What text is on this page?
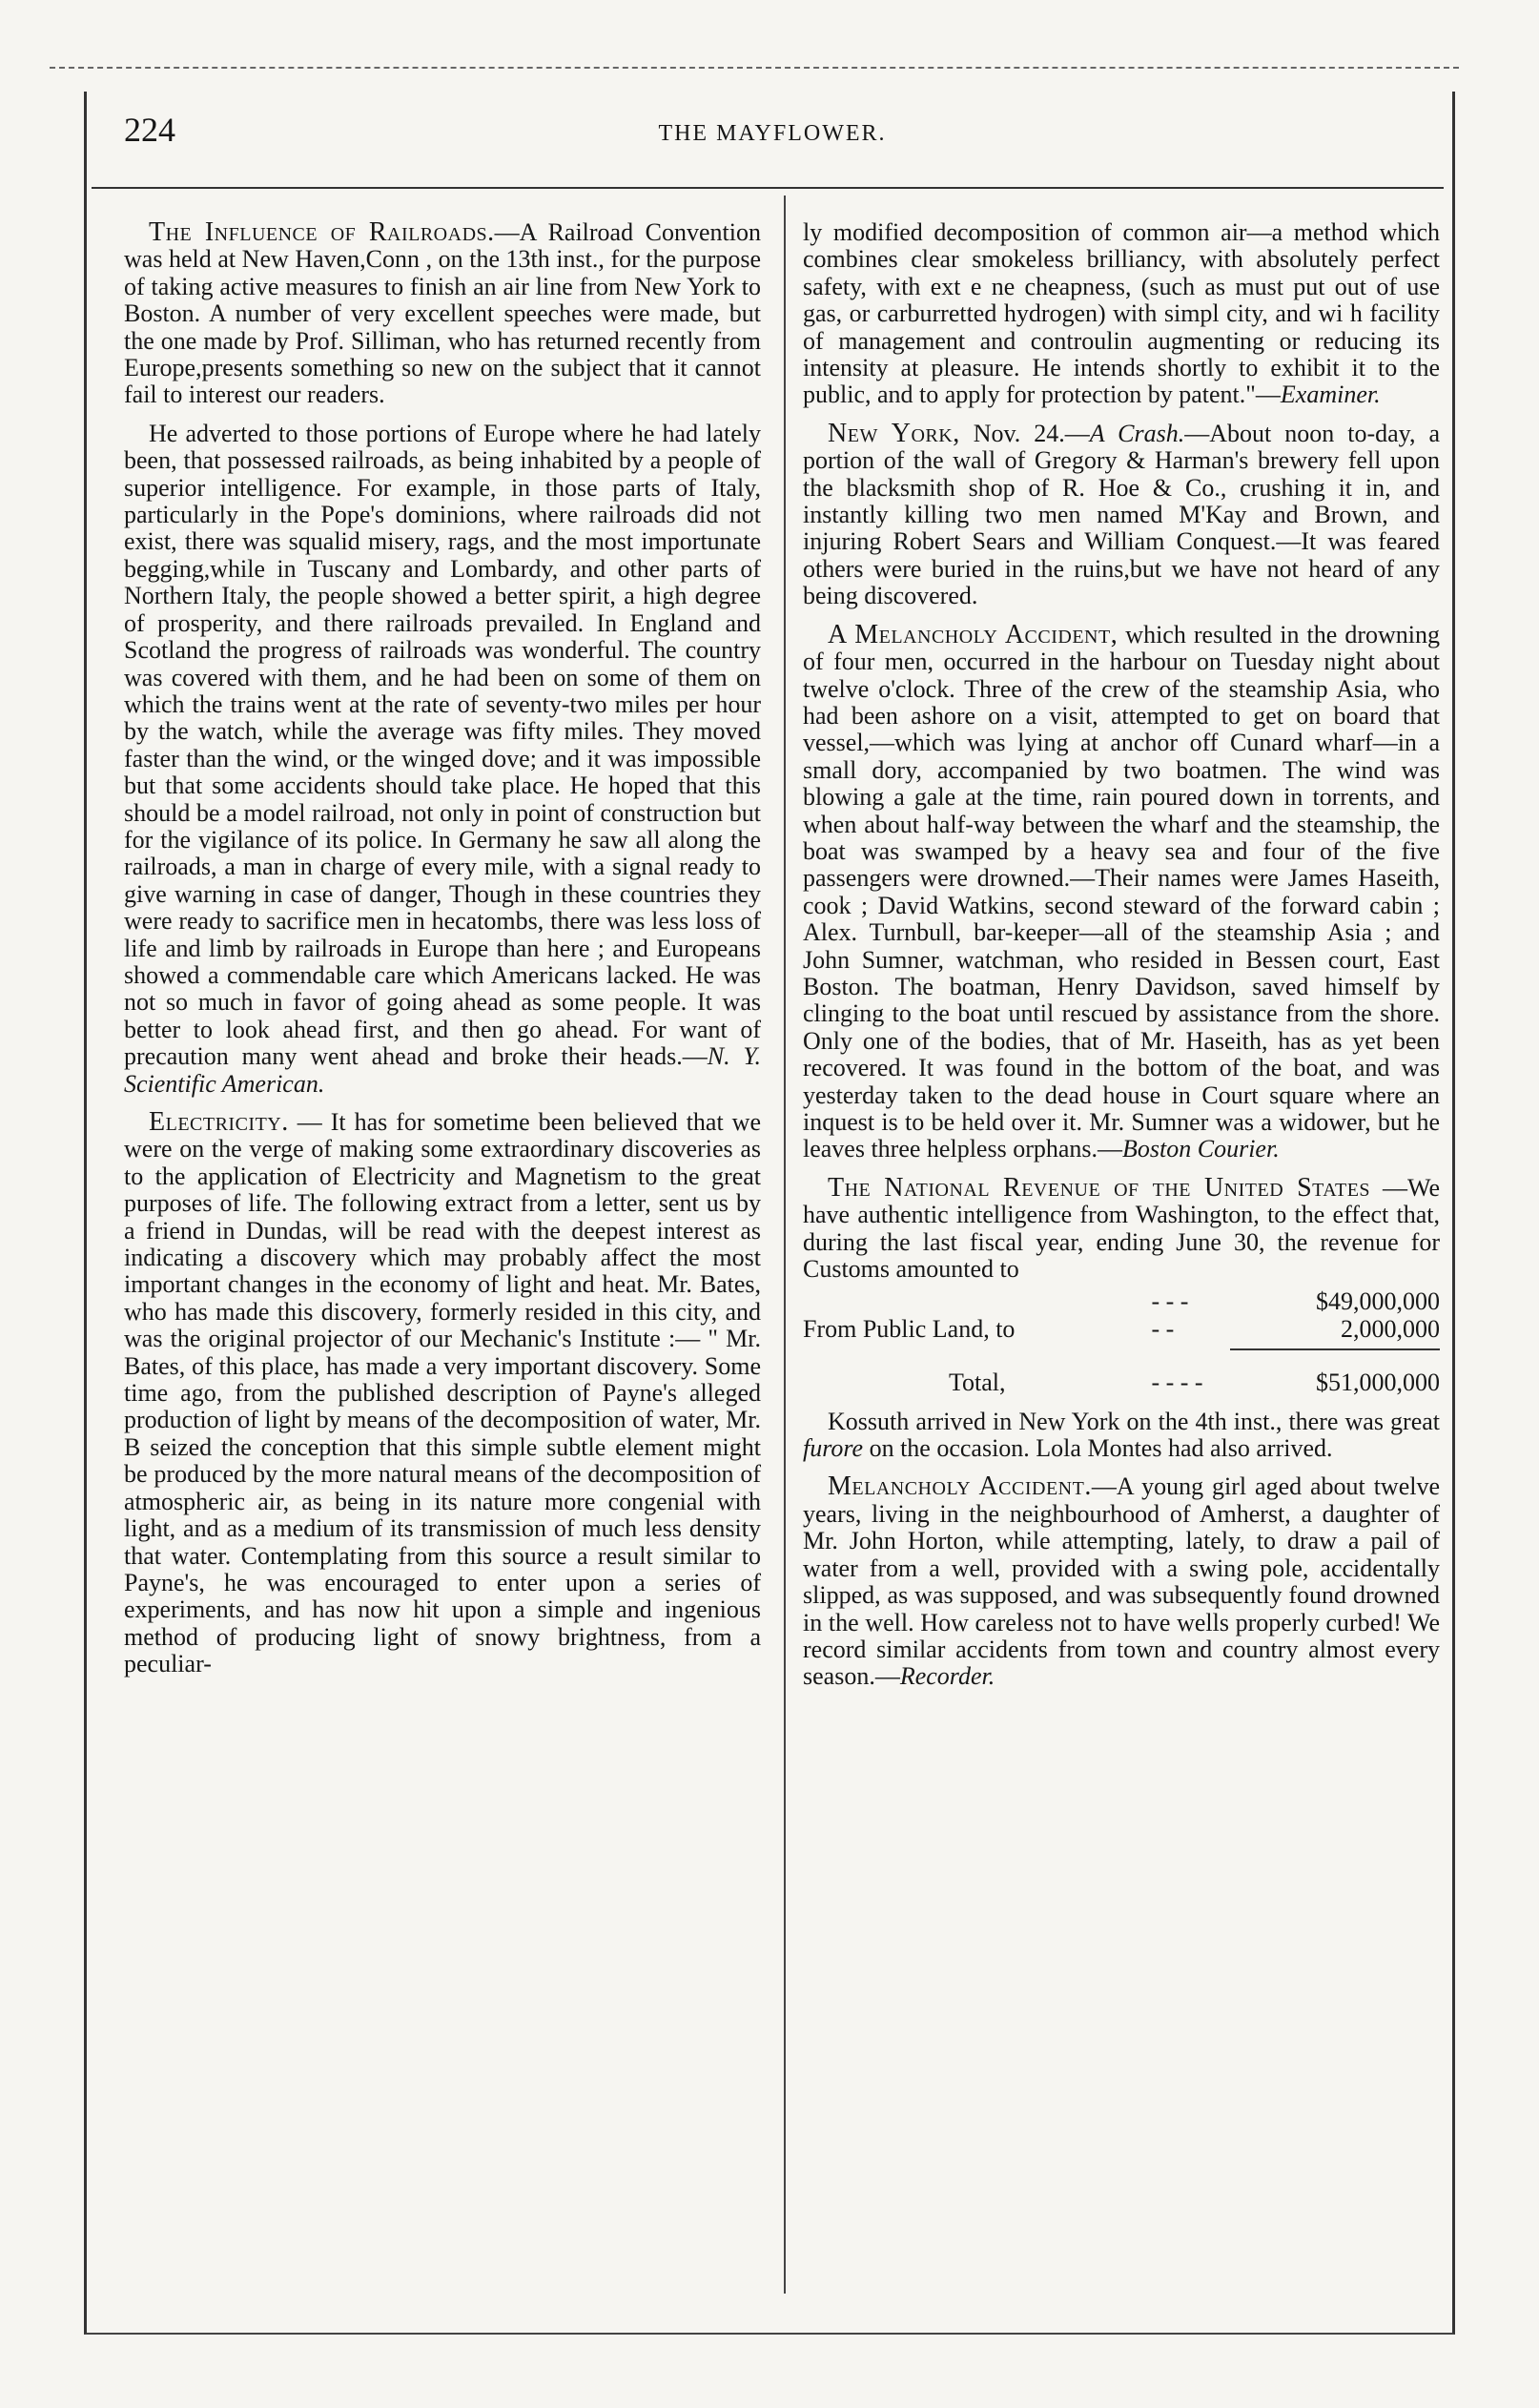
224	THE MAYFLOWER.
The Influence of Railroads.—A Railroad Convention was held at New Haven,Conn , on the 13th inst., for the purpose of taking active measures to finish an air line from New York to Boston. A number of very excellent speeches were made, but the one made by Prof. Silliman, who has returned recently from Europe,presents something so new on the subject that it cannot fail to interest our readers.
He adverted to those portions of Europe where he had lately been, that possessed railroads, as being inhabited by a people of superior intelligence. For example, in those parts of Italy, particularly in the Pope's dominions, where railroads did not exist, there was squalid misery, rags, and the most importunate begging,while in Tuscany and Lombardy, and other parts of Northern Italy, the people showed a better spirit, a high degree of prosperity, and there railroads prevailed. In England and Scotland the progress of railroads was wonderful. The country was covered with them, and he had been on some of them on which the trains went at the rate of seventy-two miles per hour by the watch, while the average was fifty miles. They moved faster than the wind, or the winged dove; and it was impossible but that some accidents should take place. He hoped that this should be a model railroad, not only in point of construction but for the vigilance of its police. In Germany he saw all along the railroads, a man in charge of every mile, with a signal ready to give warning in case of danger, Though in these countries they were ready to sacrifice men in hecatombs, there was less loss of life and limb by railroads in Europe than here ; and Europeans showed a commendable care which Americans lacked. He was not so much in favor of going ahead as some people. It was better to look ahead first, and then go ahead. For want of precaution many went ahead and broke their heads.—N. Y. Scientific American.
Electricity. — It has for sometime been believed that we were on the verge of making some extraordinary discoveries as to the application of Electricity and Magnetism to the great purposes of life. The following extract from a letter, sent us by a friend in Dundas, will be read with the deepest interest as indicating a discovery which may probably affect the most important changes in the economy of light and heat. Mr. Bates, who has made this discovery, formerly resided in this city, and was the original projector of our Mechanic's Institute :— " Mr. Bates, of this place, has made a very important discovery. Some time ago, from the published description of Payne's alleged production of light by means of the decomposition of water, Mr. B seized the conception that this simple subtle element might be produced by the more natural means of the decomposition of atmospheric air, as being in its nature more congenial with light, and as a medium of its transmission of much less density that water. Contemplating from this source a result similar to Payne's, he was encouraged to enter upon a series of experiments, and has now hit upon a simple and ingenious method of producing light of snowy brightness, from a peculiar-
ly modified decomposition of common air—a method which combines clear smokeless brilliancy, with absolutely perfect safety, with ext e ne cheapness, (such as must put out of use gas, or carburretted hydrogen) with simpl city, and wi h facility of management and controulin augmenting or reducing its intensity at pleasure. He intends shortly to exhibit it to the public, and to apply for protection by patent."—Examiner.
New York, Nov. 24.—A Crash.—About noon to-day, a portion of the wall of Gregory & Harman's brewery fell upon the blacksmith shop of R. Hoe & Co., crushing it in, and instantly killing two men named M'Kay and Brown, and injuring Robert Sears and William Conquest.—It was feared others were buried in the ruins,but we have not heard of any being discovered.
A Melancholy Accident, which resulted in the drowning of four men, occurred in the harbour on Tuesday night about twelve o'clock. Three of the crew of the steamship Asia, who had been ashore on a visit, attempted to get on board that vessel,—which was lying at anchor off Cunard wharf—in a small dory, accompanied by two boatmen. The wind was blowing a gale at the time, rain poured down in torrents, and when about half-way between the wharf and the steamship, the boat was swamped by a heavy sea and four of the five passengers were drowned.—Their names were James Haseith, cook ; David Watkins, second steward of the forward cabin ; Alex. Turnbull, bar-keeper—all of the steamship Asia ; and John Sumner, watchman, who resided in Bessen court, East Boston. The boatman, Henry Davidson, saved himself by clinging to the boat until rescued by assistance from the shore. Only one of the bodies, that of Mr. Haseith, has as yet been recovered. It was found in the bottom of the boat, and was yesterday taken to the dead house in Court square where an inquest is to be held over it. Mr. Sumner was a widower, but he leaves three helpless orphans.—Boston Courier.
The National Revenue of the United States —We have authentic intelligence from Washington, to the effect that, during the last fiscal year, ending June 30, the revenue for Customs amounted to
	- - -	$49,000,000
From Public Land, to	- -	2,000,000

Total,	- - - -	$51,000,000
Kossuth arrived in New York on the 4th inst., there was great furore on the occasion. Lola Montes had also arrived.
Melancholy Accident.—A young girl aged about twelve years, living in the neighbourhood of Amherst, a daughter of Mr. John Horton, while attempting, lately, to draw a pail of water from a well, provided with a swing pole, accidentally slipped, as was supposed, and was subsequently found drowned in the well. How careless not to have wells properly curbed! We record similar accidents from town and country almost every season.—Recorder.
